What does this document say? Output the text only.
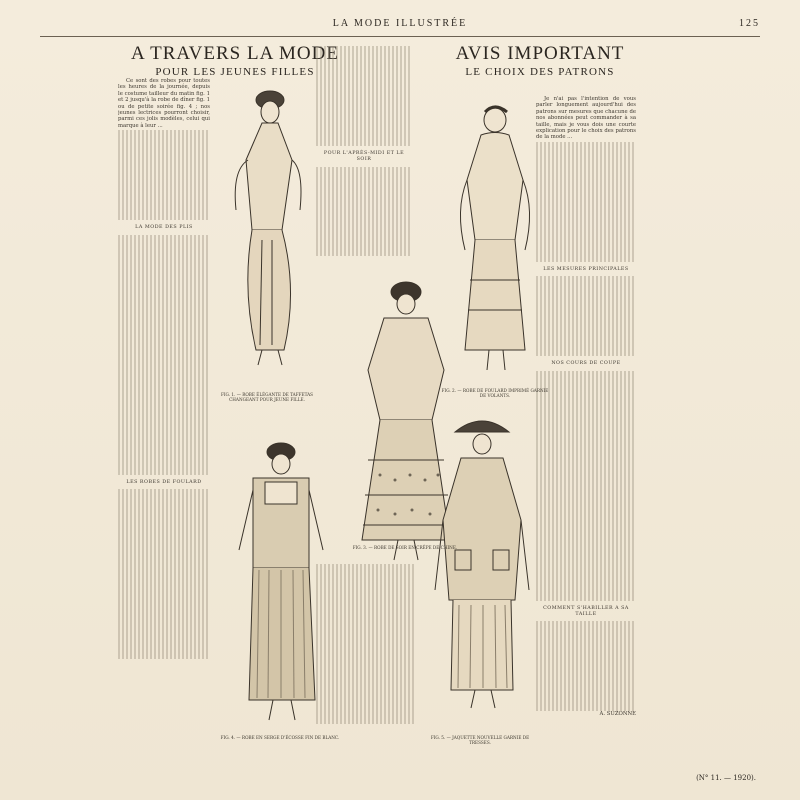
LA MODE ILLUSTRÉE	125
A TRAVERS LA MODE
POUR LES JEUNES FILLES
AVIS IMPORTANT
LE CHOIX DES PATRONS

Ce sont des robes pour toutes les heures de la journée, depuis le costume tailleur du matin fig. 1 et 2 jusqu'à la robe de dîner fig. 1 ou de petite soirée fig. 4 ; nos jeunes lectrices pourront choisir, parmi ces jolis modèles, celui qui marque à leur ...

LA MODE DES PLIS
LES ROBES DE FOULARD
POUR L'APRÈS-MIDI ET LE SOIR

Je n'ai pas l'intention de vous parler longuement aujourd'hui des patrons sur mesures que chacune de nos abonnées peut commander à sa taille, mais je vous dois une courte explication pour le choix des patrons de la mode ...

LES MESURES PRINCIPALES
NOS COURS DE COUPE
COMMENT S'HABILLER A SA TAILLE

A. SUZONNE

FIG. 1. — ROBE ÉLÉGANTE DE TAFFETAS CHANGEANT POUR JEUNE FILLE.
FIG. 2. — ROBE DE FOULARD IMPRIMÉ GARNIE DE VOLANTS.
FIG. 3. — ROBE DE SOIR EN CRÊPE DE CHINE.
FIG. 4. — ROBE EN SERGE D'ÉCOSSE FIN DE BLANC.	FIG. 5. — JAQUETTE NOUVELLE GARNIE DE TRESSES.
(N° 11. — 1920).
